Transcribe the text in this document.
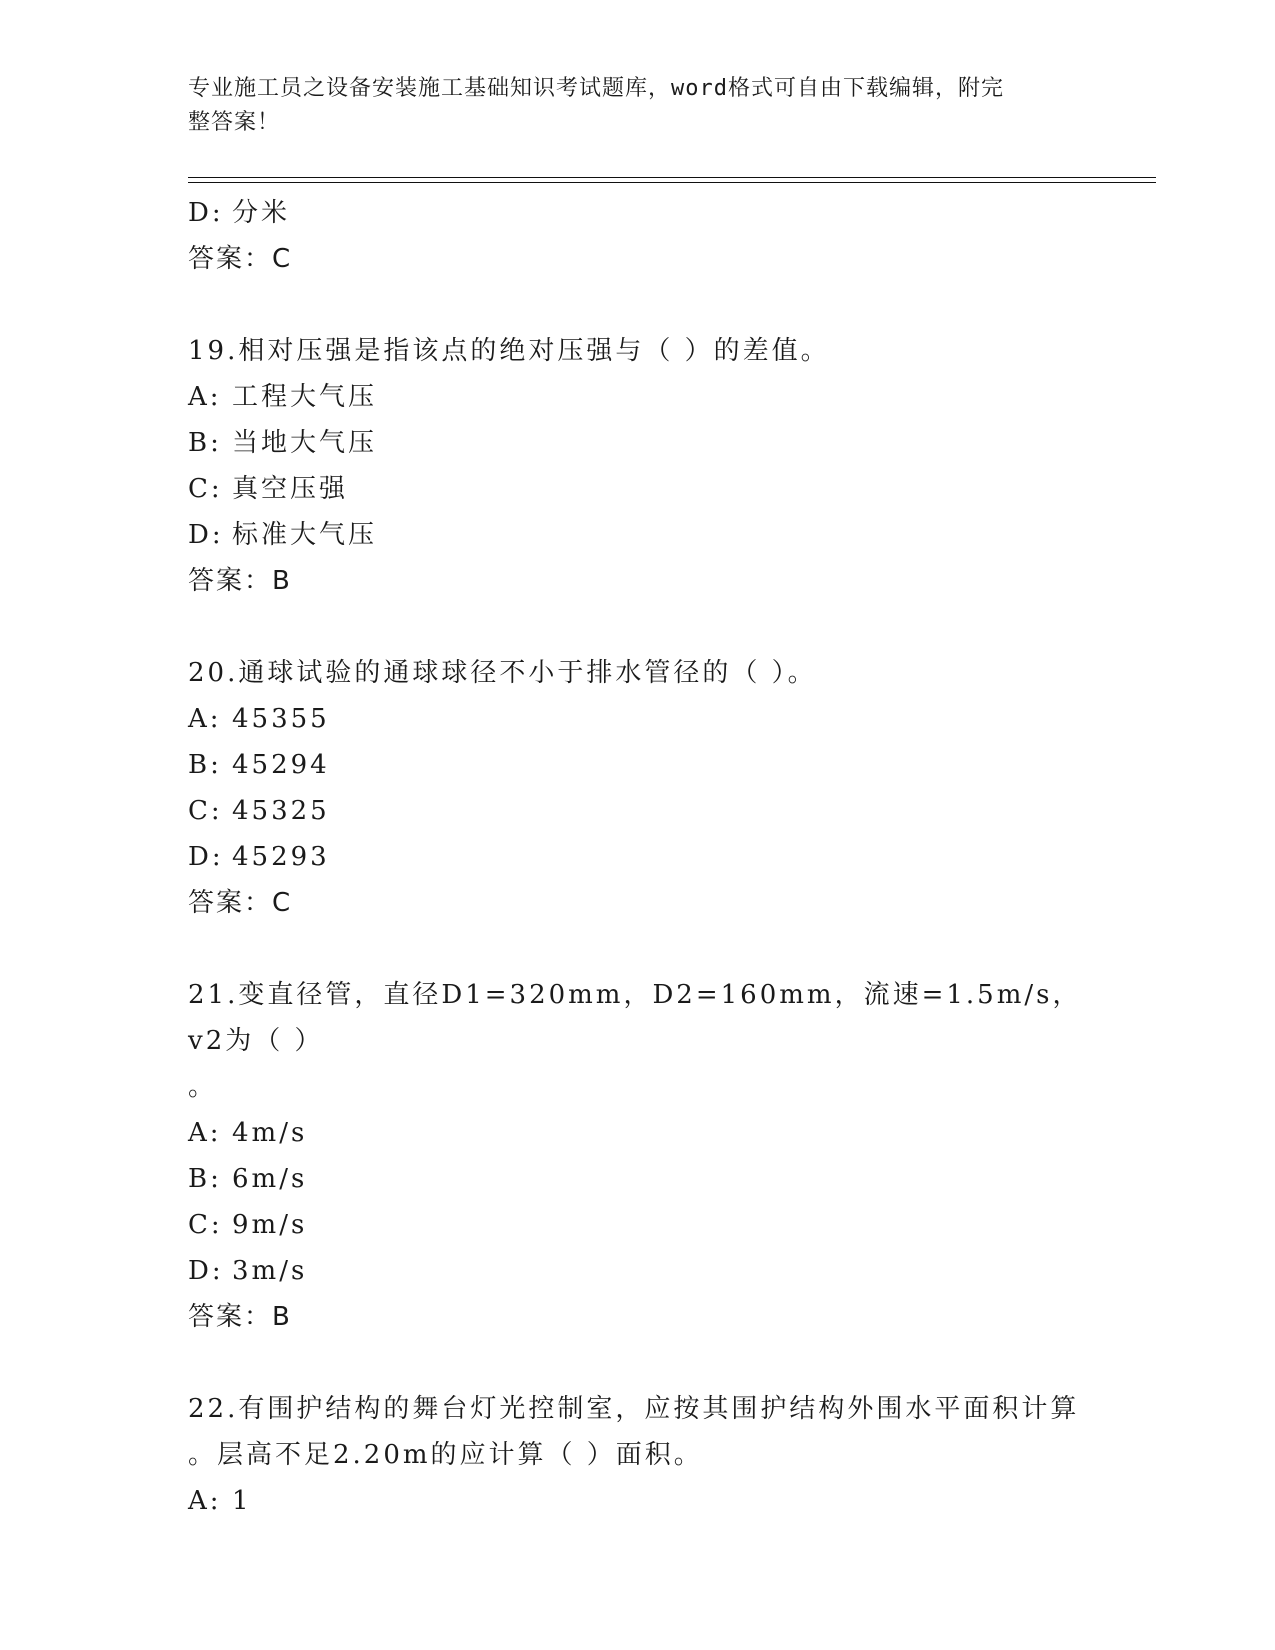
专业施工员之设备安装施工基础知识考试题库，word格式可自由下载编辑，附完
整答案！
D: 分米
答案：C
19.相对压强是指该点的绝对压强与（ ）的差值。
A: 工程大气压
B: 当地大气压
C: 真空压强
D: 标准大气压
答案：B
20.通球试验的通球球径不小于排水管径的（ ）。
A: 45355
B: 45294
C: 45325
D: 45293
答案：C
21.变直径管，直径D1=320mm，D2=160mm，流速=1.5m/s，v2为（ ）
。
A: 4m/s
B: 6m/s
C: 9m/s
D: 3m/s
答案：B
22.有围护结构的舞台灯光控制室，应按其围护结构外围水平面积计算
。层高不足2.20m的应计算（ ）面积。
A: 1
